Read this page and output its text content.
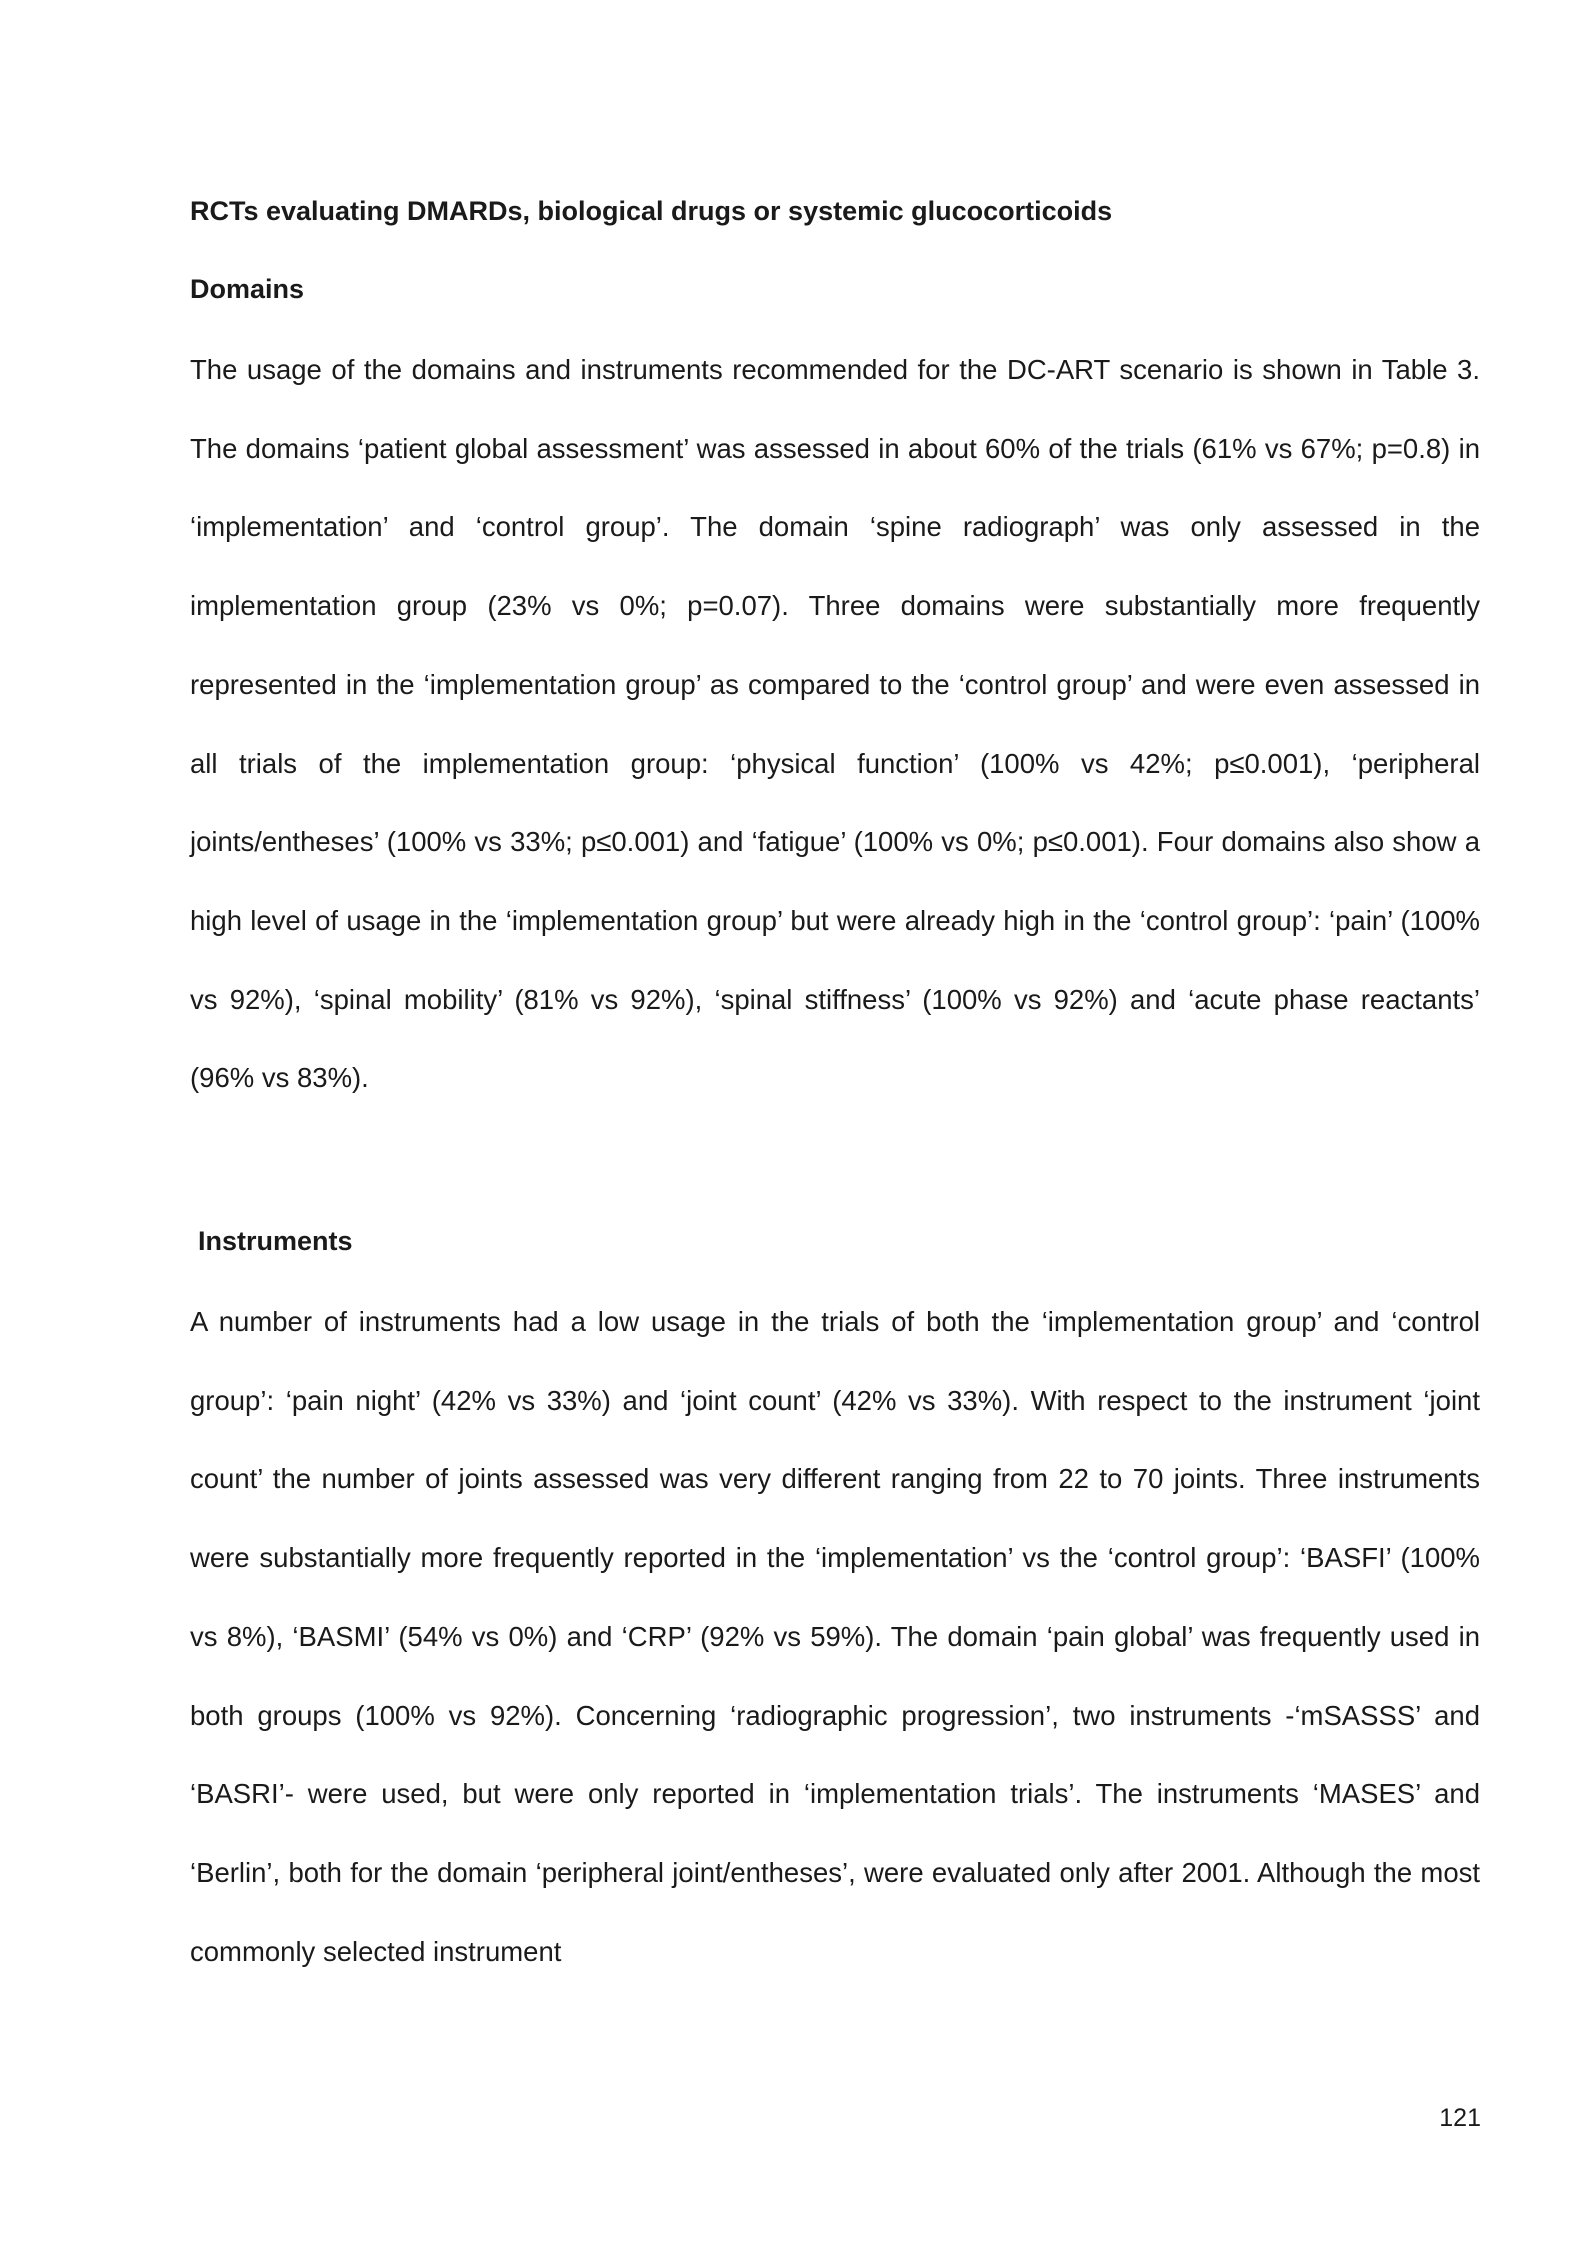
RCTs evaluating DMARDs, biological drugs or systemic glucocorticoids
Domains
The usage of the domains and instruments recommended for the DC-ART scenario is shown in Table 3. The domains ‘patient global assessment’ was assessed in about 60% of the trials (61% vs 67%; p=0.8) in ‘implementation’ and ‘control group’. The domain ‘spine radiograph’ was only assessed in the implementation group (23% vs 0%; p=0.07). Three domains were substantially more frequently represented in the ‘implementation group’ as compared to the ‘control group’ and were even assessed in all trials of the implementation group: ‘physical function’ (100% vs 42%; p≤0.001), ‘peripheral joints/entheses’ (100% vs 33%; p≤0.001) and ‘fatigue’ (100% vs 0%; p≤0.001). Four domains also show a high level of usage in the ‘implementation group’ but were already high in the ‘control group’: ‘pain’ (100% vs 92%), ‘spinal mobility’ (81% vs 92%), ‘spinal stiffness’ (100% vs 92%) and ‘acute phase reactants’ (96% vs 83%).
Instruments
A number of instruments had a low usage in the trials of both the ‘implementation group’ and ‘control group’: ‘pain night’ (42% vs 33%) and ‘joint count’ (42% vs 33%). With respect to the instrument ‘joint count’ the number of joints assessed was very different ranging from 22 to 70 joints. Three instruments were substantially more frequently reported in the ‘implementation’ vs the ‘control group’: ‘BASFI’ (100% vs 8%), ‘BASMI’ (54% vs 0%) and ‘CRP’ (92% vs 59%). The domain ‘pain global’ was frequently used in both groups (100% vs 92%). Concerning ‘radiographic progression’, two instruments -‘mSASSS’ and ‘BASRI’- were used, but were only reported in ‘implementation trials’. The instruments ‘MASES’ and ‘Berlin’, both for the domain ‘peripheral joint/entheses’, were evaluated only after 2001. Although the most commonly selected instrument
121
